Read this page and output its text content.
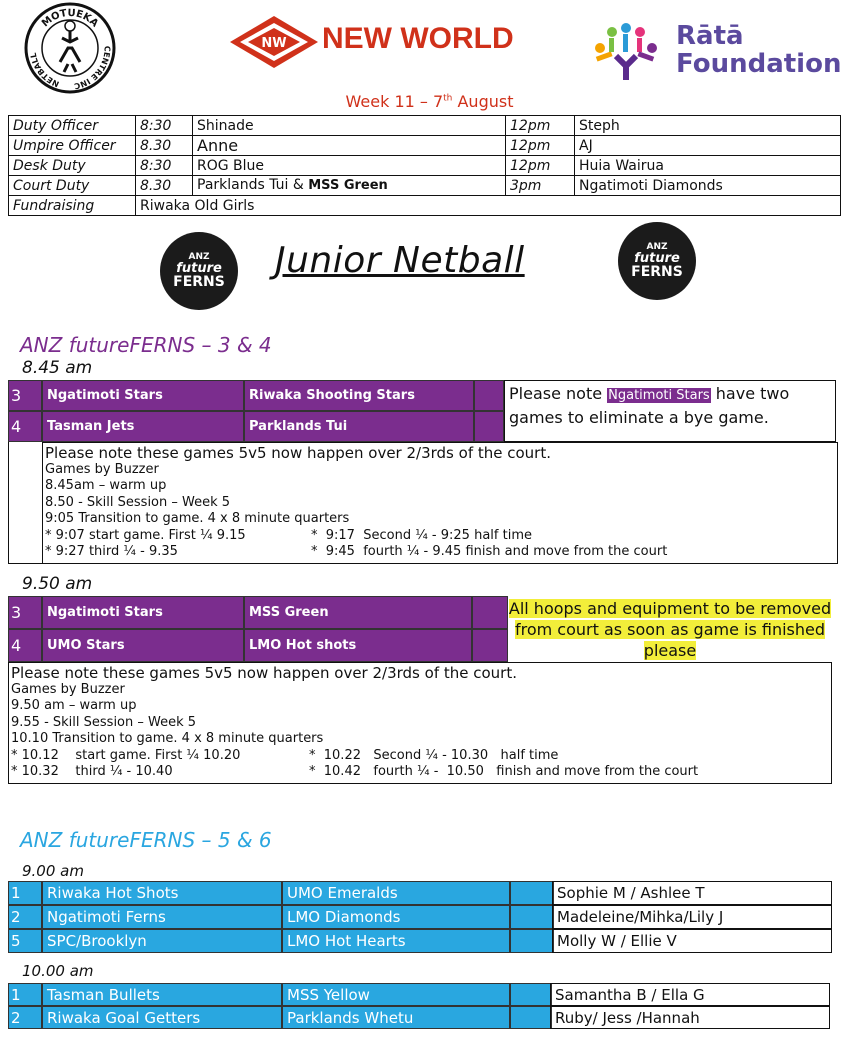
MOTUEKA
NETBALL
CENTRE INC
NW NEW WORLD	Rātā
Foundation
Week 11 – 7th August
Duty Officer	8:30	Shinade	12pm	Steph
Umpire Officer	8.30	Anne	12pm	AJ
Desk Duty	8:30	ROG Blue	12pm	Huia Wairua
Court Duty	8.30	Parklands Tui & MSS Green	3pm	Ngatimoti Diamonds
Fundraising	Riwaka Old Girls			
ANZ
future
FERNS
Junior Netball	ANZ
future
FERNS
ANZ futureFERNS – 3 & 4
8.45 am
3	Ngatimoti Stars	Riwaka Shooting Stars
4	Tasman Jets	Parklands Tui
Please note Ngatimoti Stars have two games to eliminate a bye game.
Please note these games 5v5 now happen over 2/3rds of the court.
Games by Buzzer
8.45am – warm up
8.50 - Skill Session – Week 5
9:05 Transition to game. 4 x 8 minute quarters
* 9:07 start game. First ¼ 9.15	*  9:17  Second ¼ - 9:25 half time
* 9:27 third ¼ - 9.35	*  9:45  fourth ¼ - 9.45 finish and move from the court
9.50 am
3	Ngatimoti Stars	MSS Green
4	UMO Stars	LMO Hot shots
All hoops and equipment to be removed from court as soon as game is finished please
Please note these games 5v5 now happen over 2/3rds of the court.
Games by Buzzer
9.50 am – warm up
9.55 - Skill Session – Week 5
10.10 Transition to game. 4 x 8 minute quarters
* 10.12    start game. First ¼ 10.20	*  10.22   Second ¼ - 10.30   half time
* 10.32    third ¼ - 10.40	*  10.42   fourth ¼ -  10.50   finish and move from the court
ANZ futureFERNS – 5 & 6
9.00 am
1	Riwaka Hot Shots	UMO Emeralds	Sophie M / Ashlee T
2	Ngatimoti Ferns	LMO Diamonds	Madeleine/Mihka/Lily J
5	SPC/Brooklyn	LMO Hot Hearts	Molly W / Ellie V
10.00 am
1	Tasman Bullets	MSS Yellow	Samantha B / Ella G
2	Riwaka Goal Getters	Parklands Whetu	Ruby/ Jess /Hannah
